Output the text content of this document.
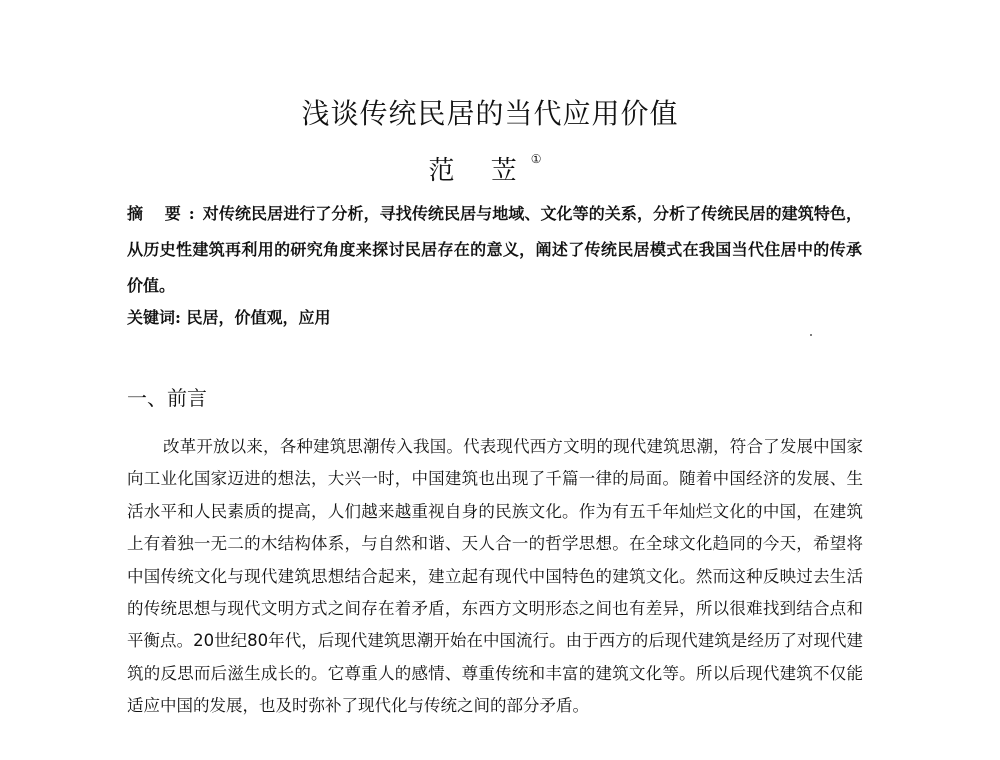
浅谈传统民居的当代应用价值
范 苙①
摘 要:对传统民居进行了分析，寻找传统民居与地域、文化等的关系，分析了传统民居的建筑特色，从历史性建筑再利用的研究角度来探讨民居存在的意义，阐述了传统民居模式在我国当代住居中的传承价值。
关键词: 民居，价值观，应用
一、前言
改革开放以来，各种建筑思潮传入我国。代表现代西方文明的现代建筑思潮，符合了发展中国家向工业化国家迈进的想法，大兴一时，中国建筑也出现了千篇一律的局面。随着中国经济的发展、生活水平和人民素质的提高，人们越来越重视自身的民族文化。作为有五千年灿烂文化的中国，在建筑上有着独一无二的木结构体系，与自然和谐、天人合一的哲学思想。在全球文化趋同的今天，希望将中国传统文化与现代建筑思想结合起来，建立起有现代中国特色的建筑文化。然而这种反映过去生活的传统思想与现代文明方式之间存在着矛盾，东西方文明形态之间也有差异，所以很难找到结合点和平衡点。20世纪80年代，后现代建筑思潮开始在中国流行。由于西方的后现代建筑是经历了对现代建筑的反思而后滋生成长的。它尊重人的感情、尊重传统和丰富的建筑文化等。所以后现代建筑不仅能适应中国的发展，也及时弥补了现代化与传统之间的部分矛盾。
